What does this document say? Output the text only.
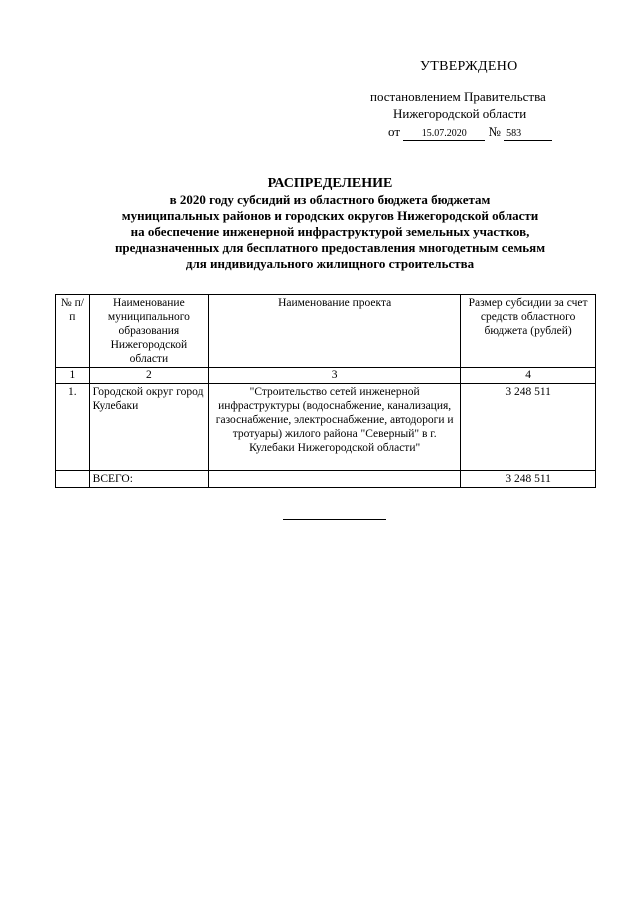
УТВЕРЖДЕНО
постановлением Правительства
Нижегородской области
от 15.07.2020 № 583
РАСПРЕДЕЛЕНИЕ
в 2020 году субсидий из областного бюджета бюджетам
муниципальных районов и городских округов Нижегородской области
на обеспечение инженерной инфраструктурой земельных участков,
предназначенных для бесплатного предоставления многодетным семьям
для индивидуального жилищного строительства
№ п/п	Наименование муниципального образования Нижегородской области	Наименование проекта	Размер субсидии за счет средств областного бюджета (рублей)
1	2	3	4
1.	Городской округ город Кулебаки	"Строительство сетей инженерной инфраструктуры (водоснабжение, канализация, газоснабжение, электроснабжение, автодороги и тротуары) жилого района "Северный" в г. Кулебаки Нижегородской области"	3 248 511
	ВСЕГО:		3 248 511
